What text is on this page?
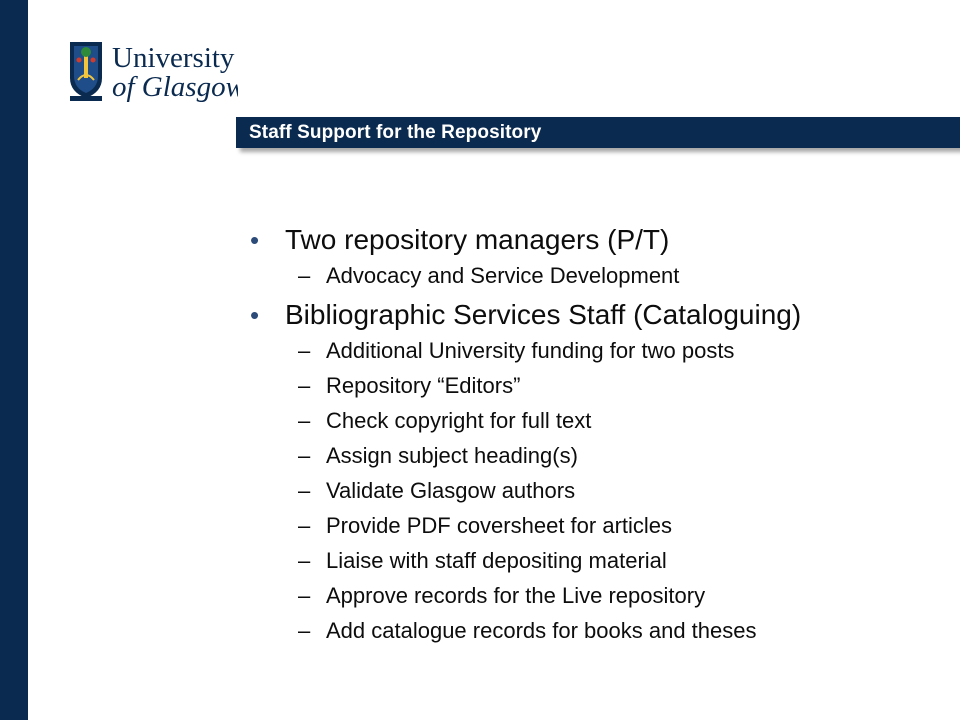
University
of Glasgow
Staff Support for the Repository
• Two repository managers (P/T)
– Advocacy and Service Development
• Bibliographic Services Staff (Cataloguing)
– Additional University funding for two posts
– Repository “Editors”
– Check copyright for full text
– Assign subject heading(s)
– Validate Glasgow authors
– Provide PDF coversheet for articles
– Liaise with staff depositing material
– Approve records for the Live repository
– Add catalogue records for books and theses
